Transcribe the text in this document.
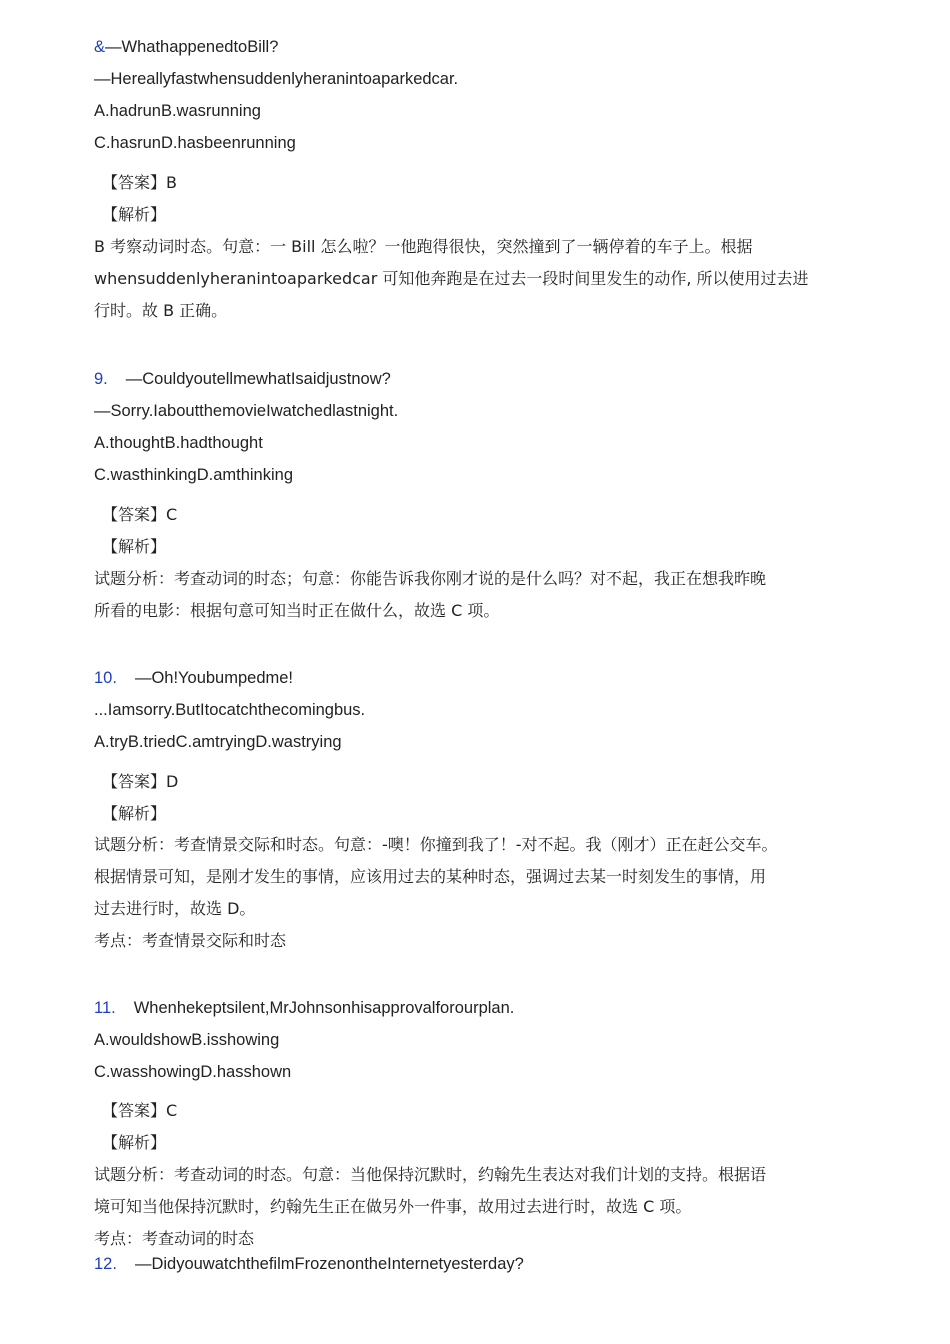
&—WhathappenedtoBill?
—Hereallyfastwhensuddenlyheranintoaparkedcar.
A.hadrunB.wasrunning
C.hasrunD.hasbeenrunning
【答案】B
【解析】
B 考察动词时态。句意：一 Bill 怎么啦？一他跑得很快，突然撞到了一辆停着的车子上。根据
whensuddenlyheranintoaparkedcar 可知他奔跑是在过去一段时间里发生的动作, 所以使用过去进
行时。故 B 正确。
9. —CouldyoutellmewhatIsaidjustnow?
—Sorry.IaboutthemovieIwatchedlastnight.
A.thoughtB.hadthought
C.wasthinkingD.amthinking
【答案】C
【解析】
试题分析：考查动词的时态；句意：你能告诉我你刚才说的是什么吗？对不起，我正在想我昨晚
所看的电影：根据句意可知当时正在做什么，故选 C 项。
10. —Oh!Youbumpedme!
...Iamsorry.ButItocatchthecomingbus.
A.tryB.triedC.amtryingD.wastrying
【答案】D
【解析】
试题分析：考查情景交际和时态。句意：-噢！你撞到我了！-对不起。我（刚才）正在赶公交车。
根据情景可知，是刚才发生的事情，应该用过去的某种时态，强调过去某一时刻发生的事情，用
过去进行时，故选 D。
考点：考查情景交际和时态
11. Whenhekeptsilent,MrJohnsonhisapprovalforourplan.
A.wouldshowB.isshowing
C.wasshowingD.hasshown
【答案】C
【解析】
试题分析：考查动词的时态。句意：当他保持沉默时，约翰先生表达对我们计划的支持。根据语
境可知当他保持沉默时，约翰先生正在做另外一件事，故用过去进行时，故选 C 项。
考点：考查动词的时态
12. —DidyouwatchthefilmFrozenontheInternetyesterday?
